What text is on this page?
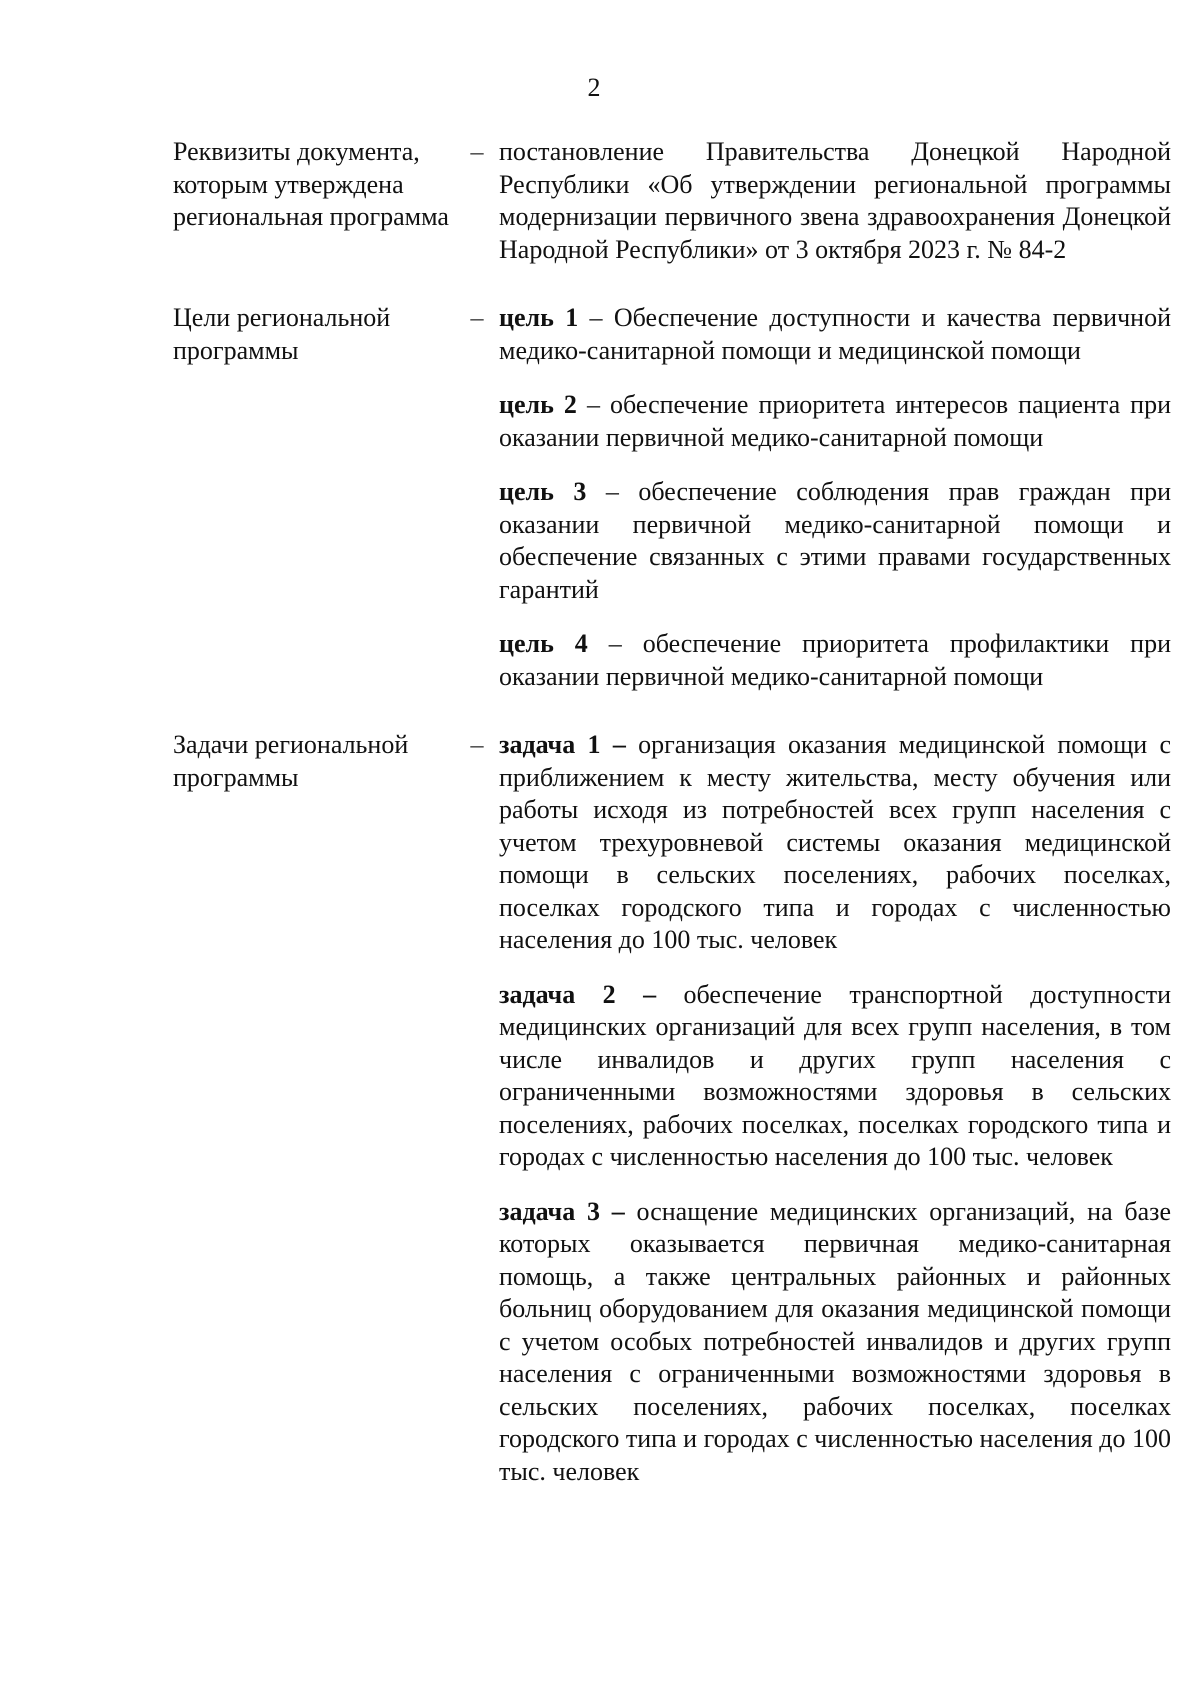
2
Реквизиты документа, которым утверждена региональная программа
– постановление Правительства Донецкой Народной Республики «Об утверждении региональной программы модернизации первичного звена здравоохранения Донецкой Народной Республики» от 3 октября 2023 г. № 84-2

Цели региональной программы
– цель 1 – Обеспечение доступности и качества первичной медико-санитарной помощи и медицинской помощи

цель 2 – обеспечение приоритета интересов пациента при оказании первичной медико-санитарной помощи

цель 3 – обеспечение соблюдения прав граждан при оказании первичной медико-санитарной помощи и обеспечение связанных с этими правами государственных гарантий

цель 4 – обеспечение приоритета профилактики при оказании первичной медико-санитарной помощи

Задачи региональной программы
– задача 1 – организация оказания медицинской помощи с приближением к месту жительства, месту обучения или работы исходя из потребностей всех групп населения с учетом трехуровневой системы оказания медицинской помощи в сельских поселениях, рабочих поселках, поселках городского типа и городах с численностью населения до 100 тыс. человек

задача 2 – обеспечение транспортной доступности медицинских организаций для всех групп населения, в том числе инвалидов и других групп населения с ограниченными возможностями здоровья в сельских поселениях, рабочих поселках, поселках городского типа и городах с численностью населения до 100 тыс. человек

задача 3 – оснащение медицинских организаций, на базе которых оказывается первичная медико-санитарная помощь, а также центральных районных и районных больниц оборудованием для оказания медицинской помощи с учетом особых потребностей инвалидов и других групп населения с ограниченными возможностями здоровья в сельских поселениях, рабочих поселках, поселках городского типа и городах с численностью населения до 100 тыс. человек
